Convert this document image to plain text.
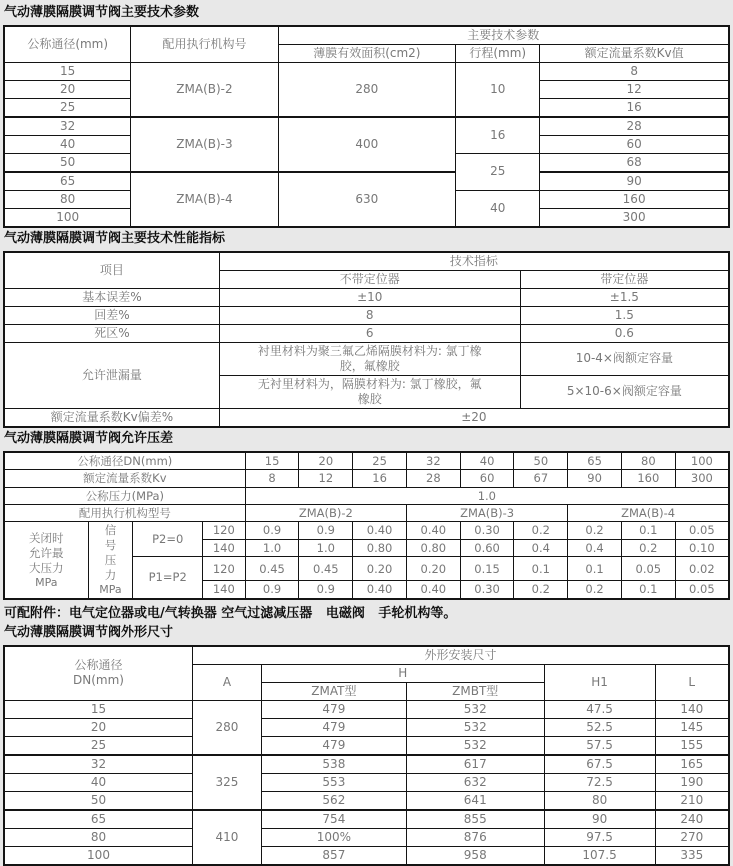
气动薄膜隔膜调节阀主要技术参数
公称通径(mm)	配用执行机构号	主要技术参数		
		薄膜有效面积(cm2)	行程(mm)	额定流量系数Kv值
15	ZMA(B)-2	280	10	8
20				12
25				16
32	ZMA(B)-3	400	16	28
40				60
50			25	68
65	ZMA(B)-4	630		90
80			40	160
100				300
气动薄膜隔膜调节阀主要技术性能指标
项目	技术指标	
	不带定位器	带定位器
基本误差%	±10	±1.5
回差%	8	1.5
死区%	6	0.6
允许泄漏量	衬里材料为聚三氟乙烯隔膜材料为: 氯丁橡胶，氟橡胶	10-4×阀额定容量

	无衬里材料为，隔膜材料为: 氯丁橡胶，氟橡胶	5×10-6×阀额定容量
额定流量系数Kv偏差%	±20	
气动薄膜隔膜调节阀允许压差
公称通径DN(mm)				15	20	25	32	40	50	65	80	100
额定流量系数Kv				8	12	16	28	60	67	90	160	300
公称压力(MPa)				1.0								
配用执行机构型号				ZMA(B)-2			ZMA(B)-3			ZMA(B)-4		

关闭时允许最大压力
MPa

信号压力
MPa
	P2=0	120	0.9	0.9	0.40	0.40	0.30	0.2	0.2	0.1	0.05
			140	1.0	1.0	0.80	0.80	0.60	0.4	0.4	0.2	0.10
		P1=P2	120	0.45	0.45	0.20	0.20	0.15	0.1	0.1	0.05	0.02
			140	0.9	0.9	0.40	0.40	0.30	0.2	0.2	0.1	0.05
可配附件：电气定位器或电/气转换器 空气过滤减压器   电磁阀   手轮机构等。
气动薄膜隔膜调节阀外形尺寸
公称通径
DN(mm)	外形安装尺寸				
	A	H		H1	L
		ZMAT型	ZMBT型		
15	280	479	532	47.5	140
20		479	532	52.5	145
25		479	532	57.5	155
32	325	538	617	67.5	165
40		553	632	72.5	190
50		562	641	80	210
65	410	754	855	90	240
80		100%	876	97.5	270
100		857	958	107.5	335
